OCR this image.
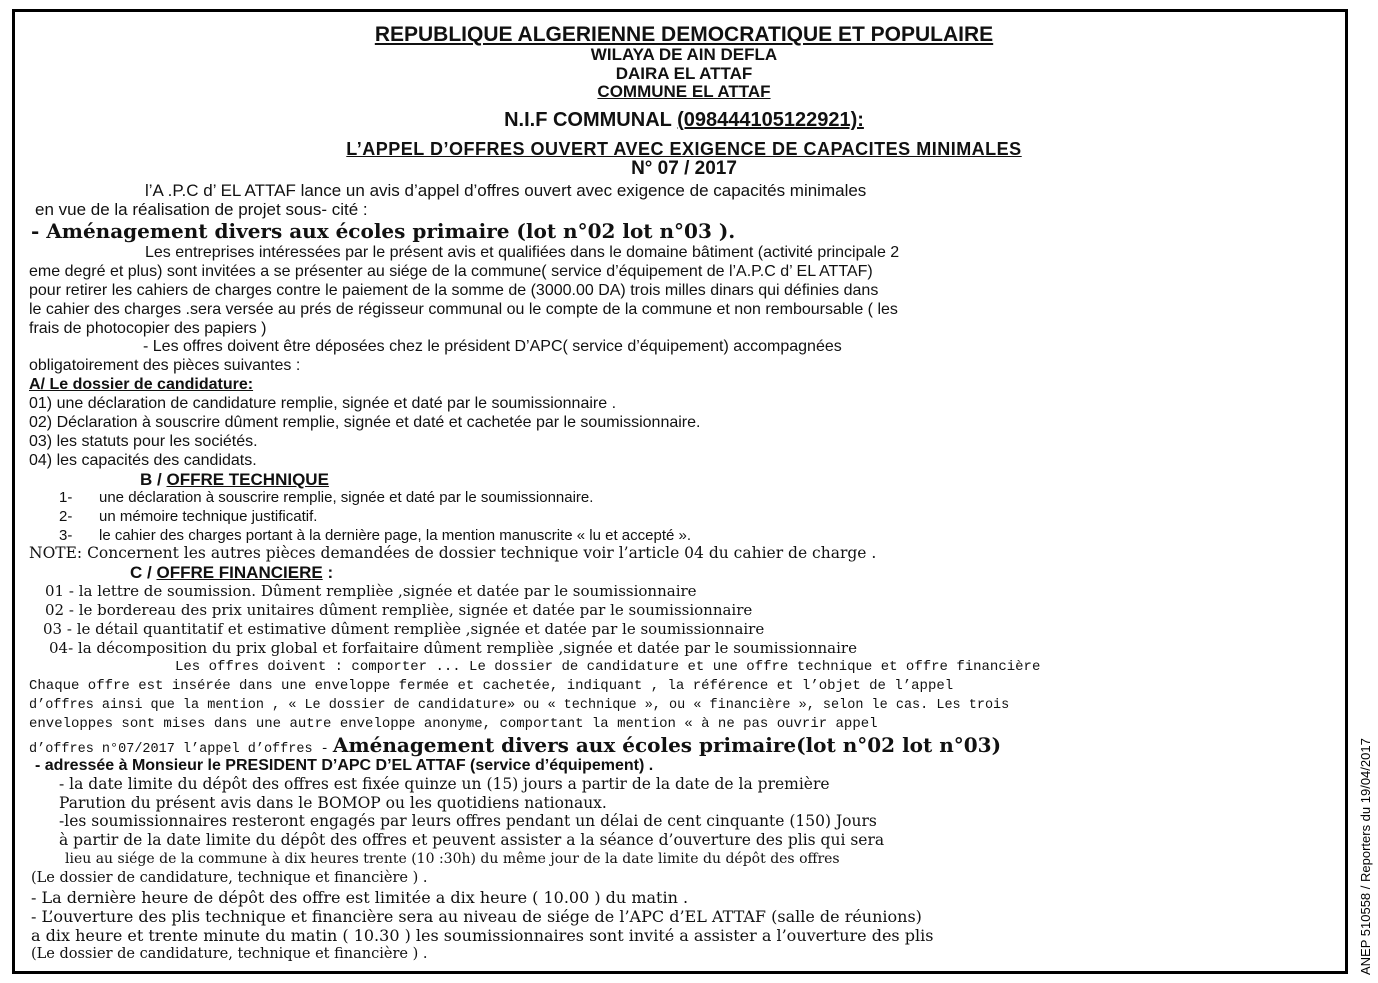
REPUBLIQUE ALGERIENNE DEMOCRATIQUE ET POPULAIRE
WILAYA DE AIN DEFLA
DAIRA EL ATTAF
COMMUNE EL ATTAF
N.I.F COMMUNAL (098444105122921):
L’APPEL D’OFFRES OUVERT AVEC EXIGENCE DE CAPACITES MINIMALES
N° 07 / 2017
l’A .P.C d’ EL ATTAF lance un avis d’appel d’offres ouvert avec exigence de capacités minimales
en vue de la réalisation de projet sous- cité :
- Aménagement divers aux écoles primaire (lot n°02 lot n°03 ).
Les entreprises intéressées par le présent avis et qualifiées dans le domaine bâtiment (activité principale 2
eme degré et plus) sont invitées a se présenter au siége de la commune( service d’équipement de l’A.P.C d’ EL ATTAF)
pour retirer les cahiers de charges contre le paiement de la somme de (3000.00 DA) trois milles dinars qui définies dans
le cahier des charges .sera versée au prés de régisseur communal ou le compte de la commune et non remboursable ( les
frais de photocopier des papiers )
- Les offres doivent être déposées chez le président D’APC( service d’équipement) accompagnées
obligatoirement des pièces suivantes :
A/ Le dossier de candidature:
01) une déclaration de candidature remplie, signée et daté par le soumissionnaire .
02) Déclaration à souscrire dûment remplie, signée et daté et cachetée par le soumissionnaire.
03) les statuts pour les sociétés.
04) les capacités des candidats.
B / OFFRE TECHNIQUE
1- une déclaration à souscrire remplie, signée et daté par le soumissionnaire.
2- un mémoire technique justificatif.
3- le cahier des charges portant à la dernière page, la mention manuscrite « lu et accepté ».
NOTE: Concernent les autres pièces demandées de dossier technique voir l’article 04 du cahier de charge .
C / OFFRE FINANCIERE :
01 - la lettre de soumission. Dûment remplièe ,signée et datée par le soumissionnaire
02 - le bordereau des prix unitaires dûment remplièe, signée et datée par le soumissionnaire
03 - le détail quantitatif et estimative dûment remplièe ,signée et datée par le soumissionnaire
04- la décomposition du prix global et forfaitaire dûment remplièe ,signée et datée par le soumissionnaire
Les offres doivent : comporter ... Le dossier de candidature et une offre technique et offre financière
Chaque offre est insérée dans une enveloppe fermée et cachetée, indiquant , la référence et l’objet de l’appel
d’offres ainsi que la mention , « Le dossier de candidature» ou « technique », ou « financière », selon le cas. Les trois
enveloppes sont mises dans une autre enveloppe anonyme, comportant la mention « à ne pas ouvrir appel
d’offres n°07/2017 l’appel d’offres - Aménagement divers aux écoles primaire(lot n°02 lot n°03)
- adressée à Monsieur le PRESIDENT D’APC D’EL ATTAF (service d’équipement) .
- la date limite du dépôt des offres est fixée quinze un (15) jours a partir de la date de la première
Parution du présent avis dans le BOMOP ou les quotidiens nationaux.
-les soumissionnaires resteront engagés par leurs offres pendant un délai de cent cinquante (150) Jours
à partir de la date limite du dépôt des offres et peuvent assister a la séance d’ouverture des plis qui sera
lieu au siége de la commune à dix heures trente (10 :30h) du même jour de la date limite du dépôt des offres
(Le dossier de candidature, technique et financière ) .
- La dernière heure de dépôt des offre est limitée a dix heure ( 10.00 ) du matin .
- L’ouverture des plis technique et financière sera au niveau de siége de l’APC d’EL ATTAF (salle de réunions)
a dix heure et trente minute du matin ( 10.30 ) les soumissionnaires sont invité a assister a l’ouverture des plis
(Le dossier de candidature, technique et financière ) .	ANEP 510558 / Reporters du 19/04/2017
